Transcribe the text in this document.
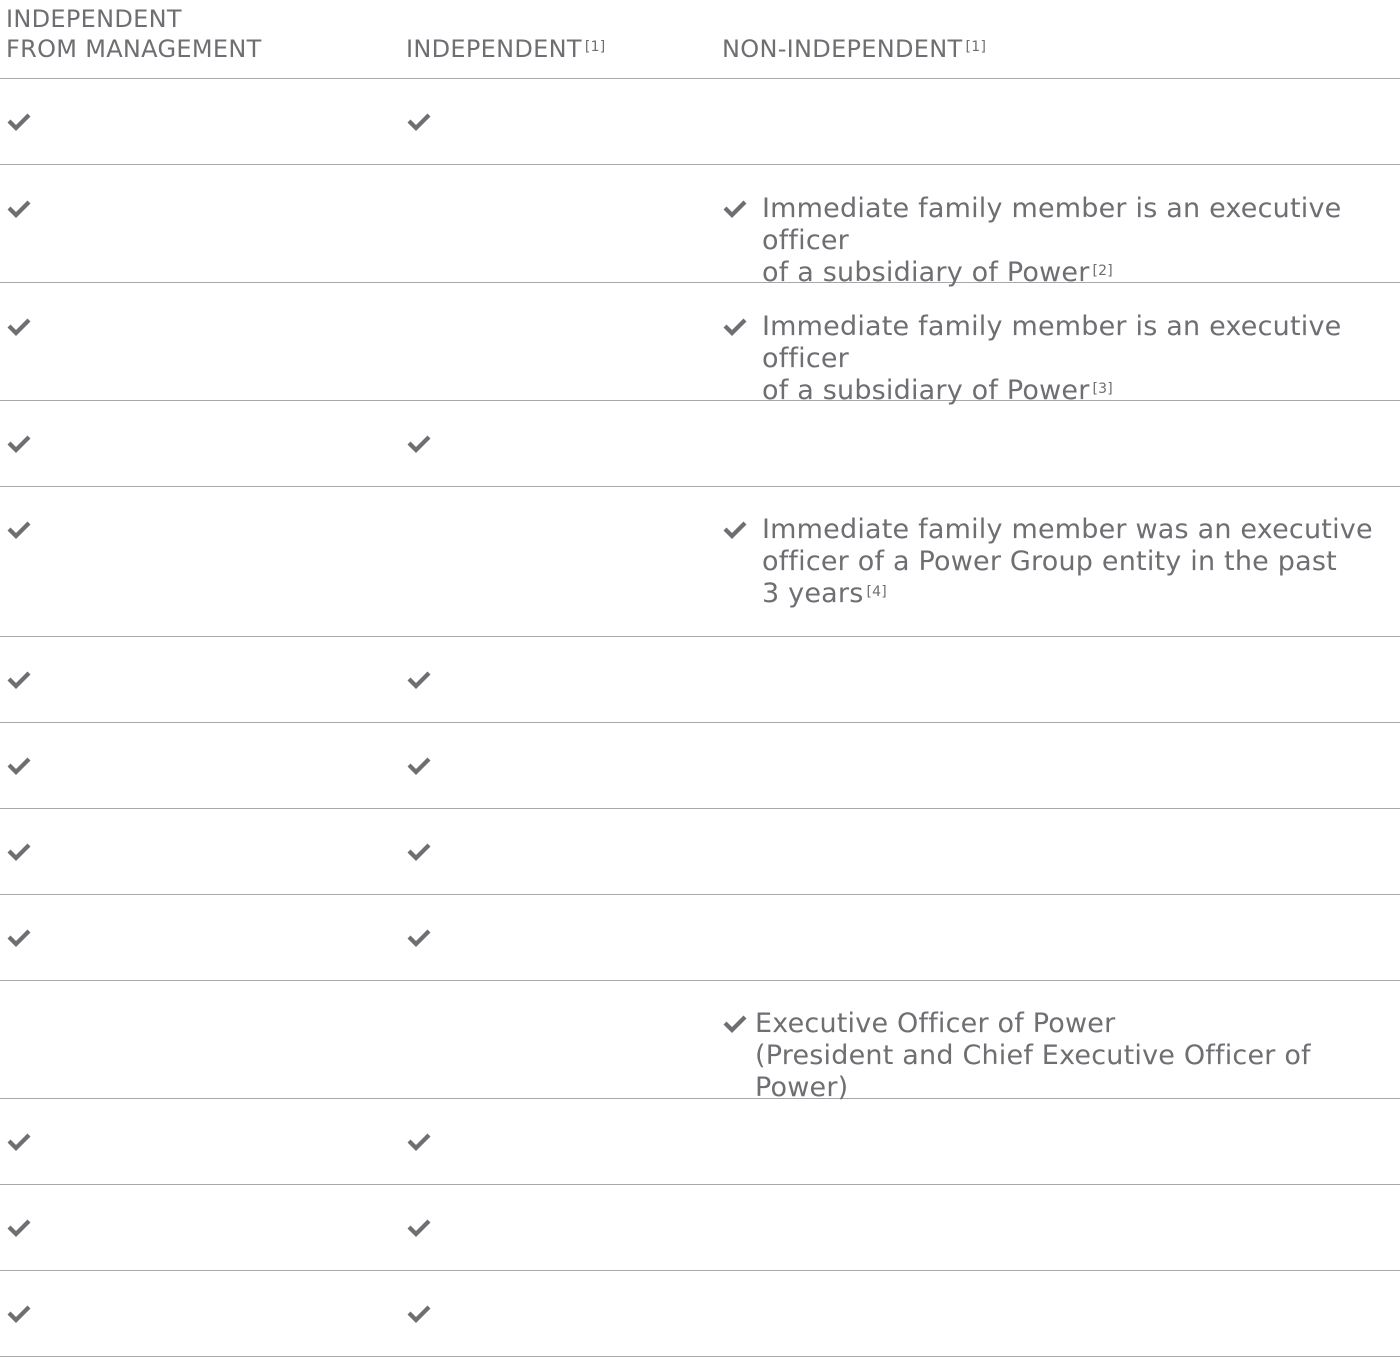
INDEPENDENT
FROM MANAGEMENT	INDEPENDENT [1]	NON-INDEPENDENT [1]
Immediate family member is an executive officer
of a subsidiary of Power [2]
Immediate family member is an executive officer
of a subsidiary of Power [3]
Immediate family member was an executive
officer of a Power Group entity in the past
3 years [4]
Executive Officer of Power
(President and Chief Executive Officer of Power)
